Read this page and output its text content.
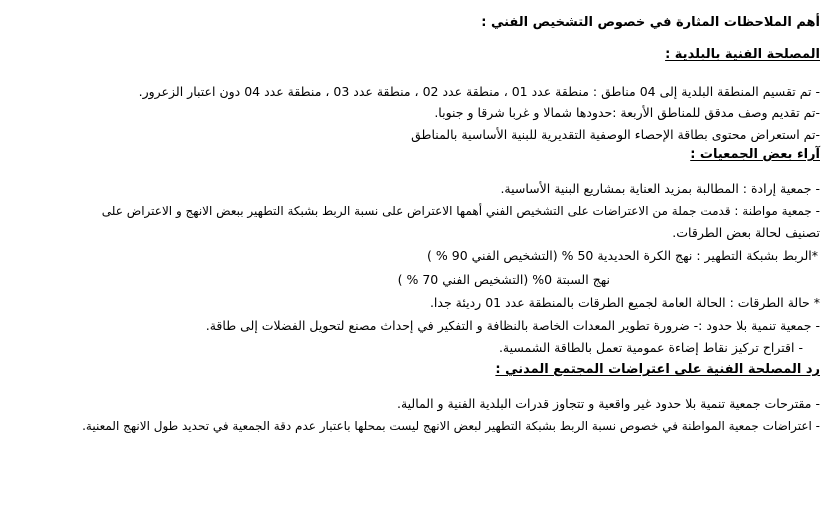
أهم الملاحظات المثارة في خصوص التشخيص الفني :
المصلحة الفنية بالبلدية :
- تم تقسيم المنطقة البلدية إلى 04 مناطق : منطقة عدد 01 ، منطقة عدد 02 ، منطقة عدد 03 ، منطقة عدد 04 دون اعتبار الزعرور.
-تم تقديم وصف مدقق للمناطق الأربعة :حدودها شمالا و غربا شرقا و جنوبا.
-تم استعراض محتوى بطاقة الإحصاء الوصفية التقديرية للبنية الأساسية بالمناطق
آراء بعض الجمعيات :
- جمعية إرادة : المطالبة بمزيد العناية بمشاريع البنية الأساسية.
- جمعية مواطنة : قدمت جملة من الاعتراضات على التشخيص الفني أهمها الاعتراض على نسبة الربط بشبكة التطهير ببعض الانهج و الاعتراض على
تصنيف لحالة بعض الطرقات.
*الربط بشبكة التطهير : نهج الكرة الحديدية 50 % (التشخيص الفني 90 % )
نهج السبتة 0% (التشخيص الفني 70 % )
* حالة الطرقات : الحالة العامة لجميع الطرقات بالمنطقة عدد 01 رديئة جدا.
- جمعية تنمية بلا حدود :- ضرورة تطوير المعدات الخاصة بالنظافة و التفكير في إحداث مصنع لتحويل الفضلات إلى طاقة.
- اقتراح تركيز نقاط إضاءة عمومية تعمل بالطاقة الشمسية.
رد المصلحة الفنية على اعتراضات المجتمع المدني :
- مقترحات جمعية تنمية بلا حدود غير واقعية و تتجاوز قدرات البلدية الفنية و المالية.
- اعتراضات جمعية المواطنة في خصوص نسبة الربط بشبكة التطهير لبعض الانهج ليست بمحلها باعتبار عدم دقة الجمعية في تحديد طول الانهج المعنية.
